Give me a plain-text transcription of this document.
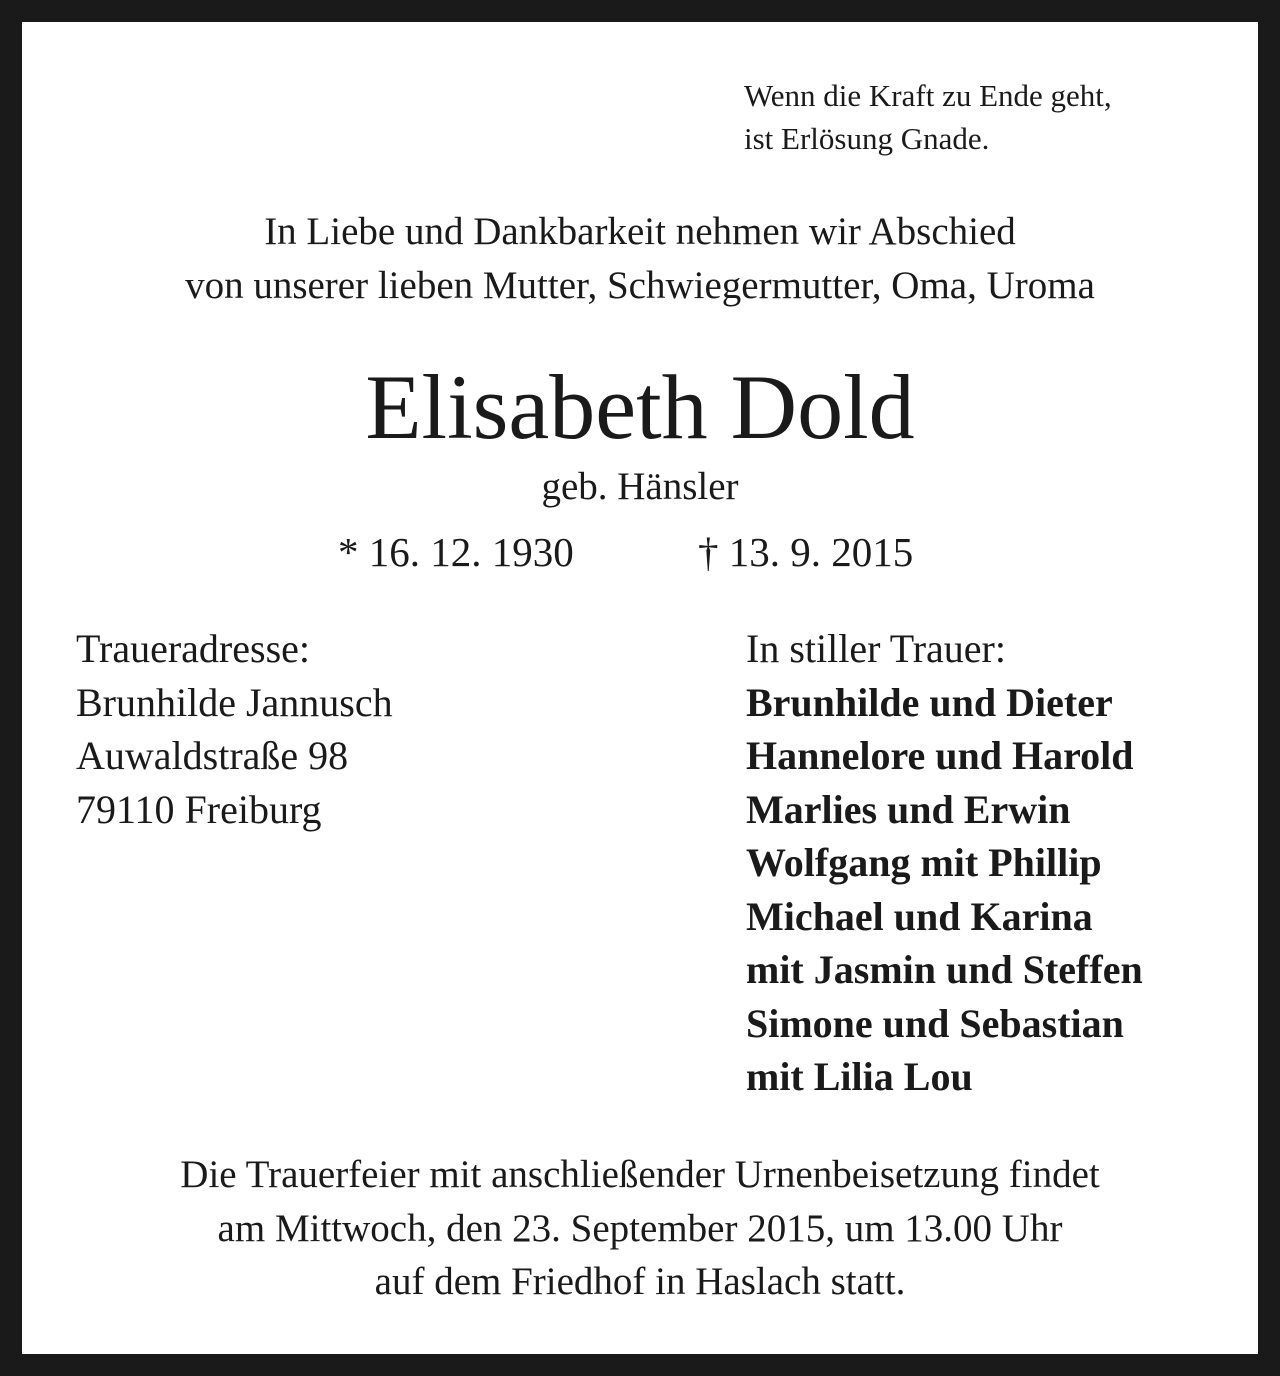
Wenn die Kraft zu Ende geht,
ist Erlösung Gnade.
In Liebe und Dankbarkeit nehmen wir Abschied
von unserer lieben Mutter, Schwiegermutter, Oma, Uroma
Elisabeth Dold
geb. Hänsler
* 16. 12. 1930	† 13. 9. 2015
Traueradresse:
Brunhilde Jannusch
Auwaldstraße 98
79110 Freiburg
In stiller Trauer:
Brunhilde und Dieter
Hannelore und Harold
Marlies und Erwin
Wolfgang mit Phillip
Michael und Karina
mit Jasmin und Steffen
Simone und Sebastian
mit Lilia Lou
Die Trauerfeier mit anschließender Urnenbeisetzung findet
am Mittwoch, den 23. September 2015, um 13.00 Uhr
auf dem Friedhof in Haslach statt.
